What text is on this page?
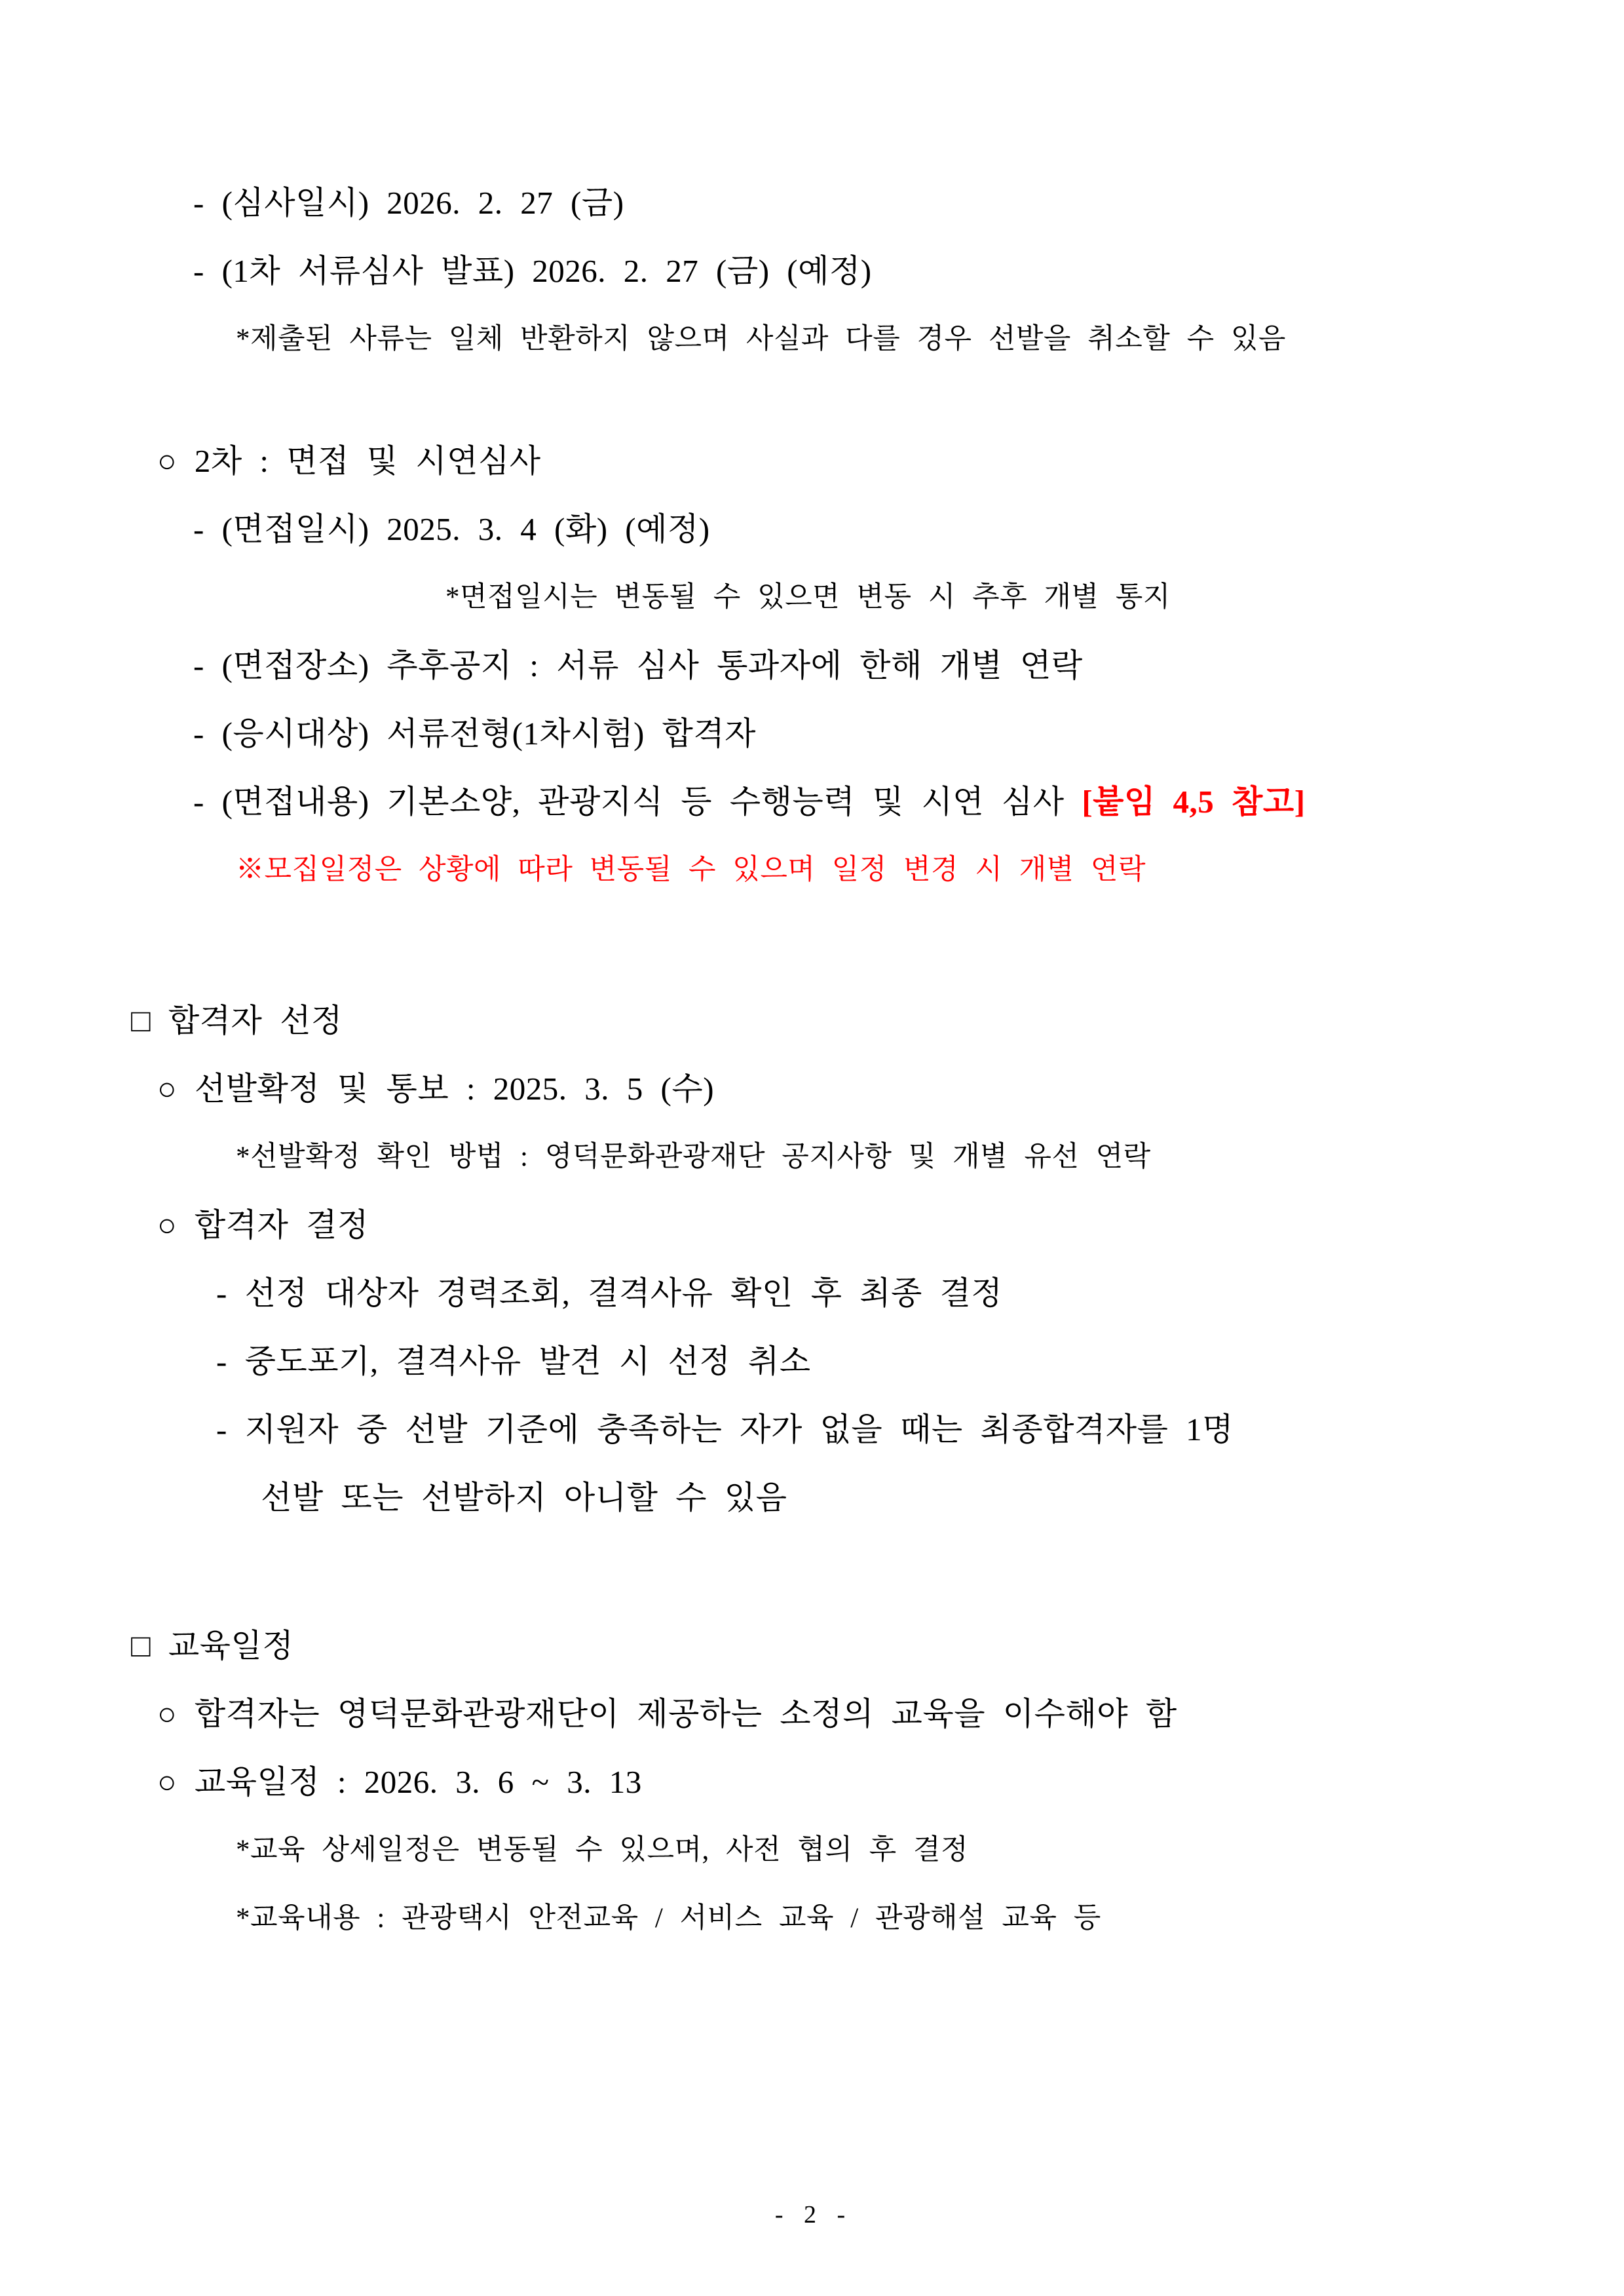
- (심사일시) 2026. 2. 27 (금)
- (1차 서류심사 발표) 2026. 2. 27 (금) (예정)
*제출된 사류는 일체 반환하지 않으며 사실과 다를 경우 선발을 취소할 수 있음
○ 2차 : 면접 및 시연심사
- (면접일시) 2025. 3. 4 (화) (예정)
*면접일시는 변동될 수 있으면 변동 시 추후 개별 통지
- (면접장소) 추후공지 : 서류 심사 통과자에 한해 개별 연락
- (응시대상) 서류전형(1차시험) 합격자
- (면접내용) 기본소양, 관광지식 등 수행능력 및 시연 심사 [붙임 4,5 참고]
※모집일정은 상황에 따라 변동될 수 있으며 일정 변경 시 개별 연락
□ 합격자 선정
○ 선발확정 및 통보 : 2025. 3. 5 (수)
*선발확정 확인 방법 : 영덕문화관광재단 공지사항 및 개별 유선 연락
○ 합격자 결정
- 선정 대상자 경력조회, 결격사유 확인 후 최종 결정
- 중도포기, 결격사유 발견 시 선정 취소
- 지원자 중 선발 기준에 충족하는 자가 없을 때는 최종합격자를 1명
선발 또는 선발하지 아니할 수 있음
□ 교육일정
○ 합격자는 영덕문화관광재단이 제공하는 소정의 교육을 이수해야 함
○ 교육일정 : 2026. 3. 6 ~ 3. 13
*교육 상세일정은 변동될 수 있으며, 사전 협의 후 결정
*교육내용 : 관광택시 안전교육 / 서비스 교육 / 관광해설 교육 등
- 2 -
